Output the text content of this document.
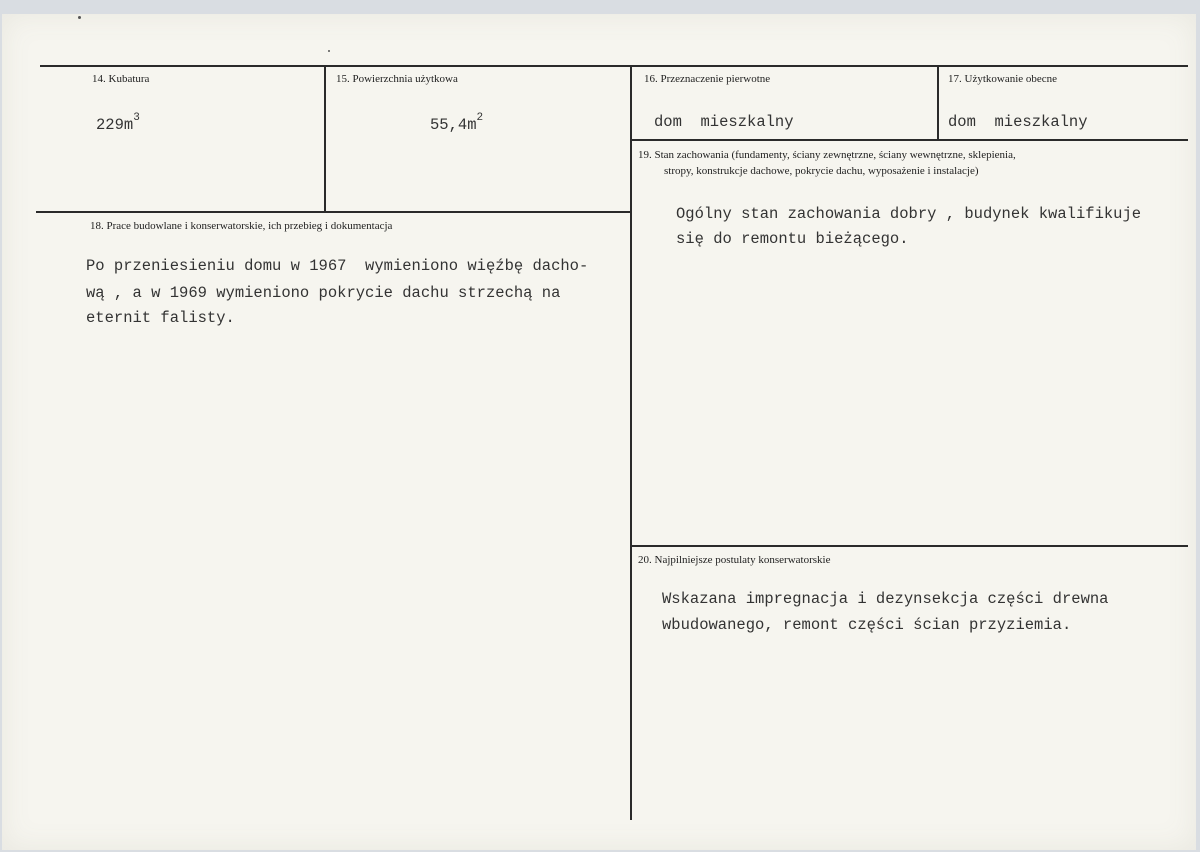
14. Kubatura
$229m^3$
15. Powierzchnia użytkowa
$55,4m^2$
16. Przeznaczenie pierwotne
dom  mieszkalny
17. Użytkowanie obecne
dom  mieszkalny
19. Stan zachowania (fundamenty, ściany zewnętrzne, ściany wewnętrzne, sklepienia,
stropy, konstrukcje dachowe, pokrycie dachu, wyposażenie i instalacje)
Ogólny stan zachowania dobry , budynek kwalifikuje
się do remontu bieżącego.
18. Prace budowlane i konserwatorskie, ich przebieg i dokumentacja
Po przeniesieniu domu w 1967  wymieniono więźbę dacho-
wą , a w 1969 wymieniono pokrycie dachu strzechą na
eternit falisty.
20. Najpilniejsze postulaty konserwatorskie
Wskazana impregnacja i dezynsekcja części drewna
wbudowanego, remont części ścian przyziemia.
